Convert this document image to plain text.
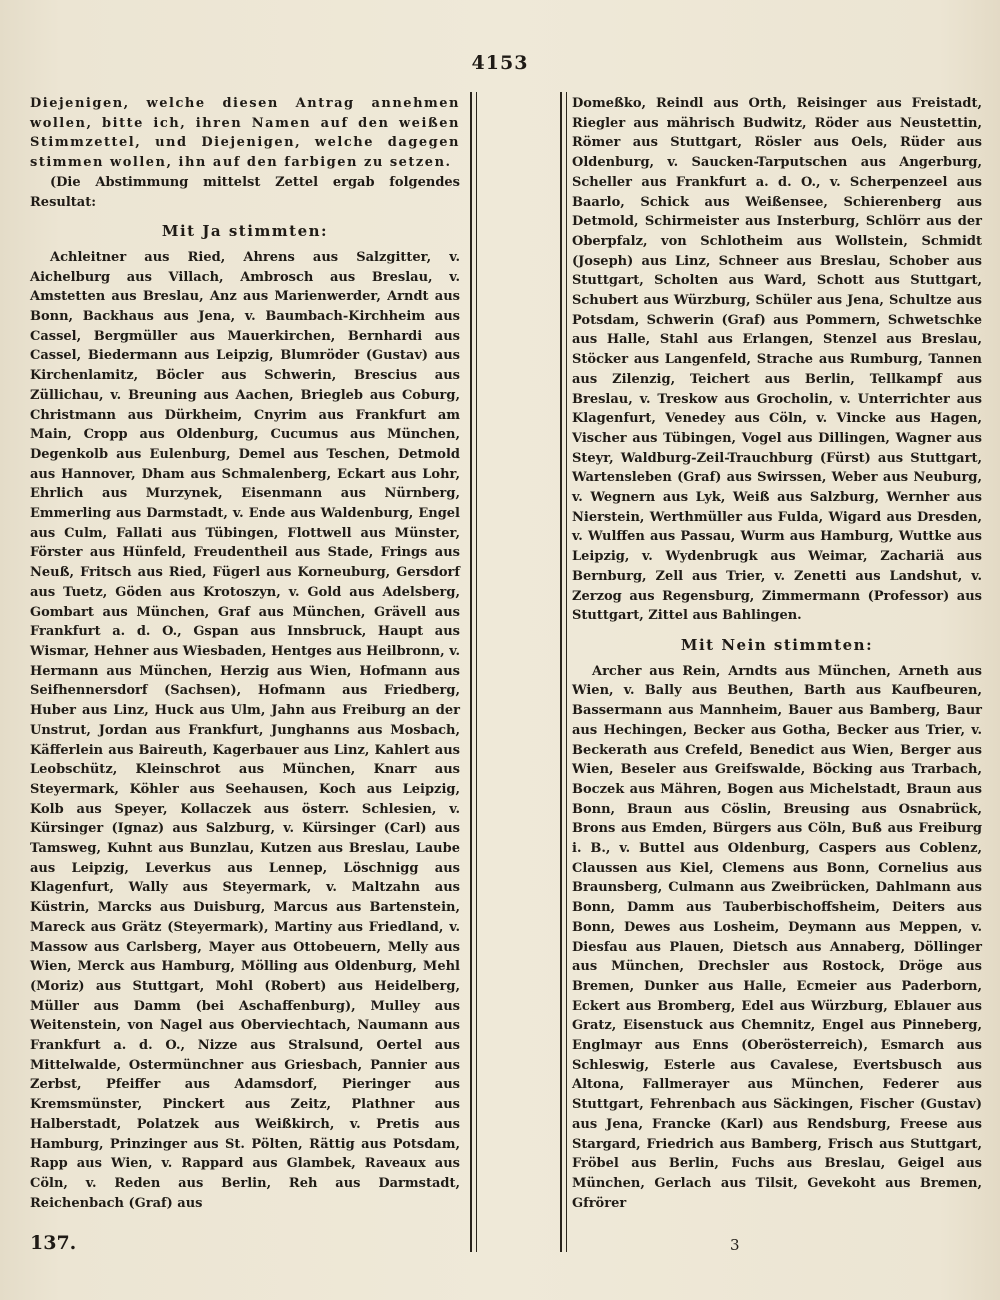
4153

Diejenigen, welche diesen Antrag annehmen wollen, bitte ich, ihren Namen auf den weißen Stimmzettel, und Diejenigen, welche dagegen stimmen wollen, ihn auf den farbigen zu setzen.

(Die Abstimmung mittelst Zettel ergab folgendes Resultat:

Mit Ja stimmten:

Achleitner aus Ried, Ahrens aus Salzgitter, v. Aichelburg aus Villach, Ambrosch aus Breslau, v. Amstetten aus Breslau, Anz aus Marienwerder, Arndt aus Bonn, Backhaus aus Jena, v. Baumbach-Kirchheim aus Cassel, Bergmüller aus Mauerkirchen, Bernhardi aus Cassel, Biedermann aus Leipzig, Blumröder (Gustav) aus Kirchenlamitz, Böcler aus Schwerin, Brescius aus Züllichau, v. Breuning aus Aachen, Briegleb aus Coburg, Christmann aus Dürkheim, Cnyrim aus Frankfurt am Main, Cropp aus Oldenburg, Cucumus aus München, Degenkolb aus Eulenburg, Demel aus Teschen, Detmold aus Hannover, Dham aus Schmalenberg, Eckart aus Lohr, Ehrlich aus Murzynek, Eisenmann aus Nürnberg, Emmerling aus Darmstadt, v. Ende aus Waldenburg, Engel aus Culm, Fallati aus Tübingen, Flottwell aus Münster, Förster aus Hünfeld, Freudentheil aus Stade, Frings aus Neuß, Fritsch aus Ried, Fügerl aus Korneuburg, Gersdorf aus Tuetz, Göden aus Krotoszyn, v. Gold aus Adelsberg, Gombart aus München, Graf aus München, Grävell aus Frankfurt a. d. O., Gspan aus Innsbruck, Haupt aus Wismar, Hehner aus Wiesbaden, Hentges aus Heilbronn, v. Hermann aus München, Herzig aus Wien, Hofmann aus Seifhennersdorf (Sachsen), Hofmann aus Friedberg, Huber aus Linz, Huck aus Ulm, Jahn aus Freiburg an der Unstrut, Jordan aus Frankfurt, Junghanns aus Mosbach, Käfferlein aus Baireuth, Kagerbauer aus Linz, Kahlert aus Leobschütz, Kleinschrot aus München, Knarr aus Steyermark, Köhler aus Seehausen, Koch aus Leipzig, Kolb aus Speyer, Kollaczek aus österr. Schlesien, v. Kürsinger (Ignaz) aus Salzburg, v. Kürsinger (Carl) aus Tamsweg, Kuhnt aus Bunzlau, Kutzen aus Breslau, Laube aus Leipzig, Leverkus aus Lennep, Löschnigg aus Klagenfurt, Wally aus Steyermark, v. Maltzahn aus Küstrin, Marcks aus Duisburg, Marcus aus Bartenstein, Mareck aus Grätz (Steyermark), Martiny aus Friedland, v. Massow aus Carlsberg, Mayer aus Ottobeuern, Melly aus Wien, Merck aus Hamburg, Mölling aus Oldenburg, Mehl (Moriz) aus Stuttgart, Mohl (Robert) aus Heidelberg, Müller aus Damm (bei Aschaffenburg), Mulley aus Weitenstein, von Nagel aus Oberviechtach, Naumann aus Frankfurt a. d. O., Nizze aus Stralsund, Oertel aus Mittelwalde, Ostermünchner aus Griesbach, Pannier aus Zerbst, Pfeiffer aus Adamsdorf, Pieringer aus Kremsmünster, Pinckert aus Zeitz, Plathner aus Halberstadt, Polatzek aus Weißkirch, v. Pretis aus Hamburg, Prinzinger aus St. Pölten, Rättig aus Potsdam, Rapp aus Wien, v. Rappard aus Glambek, Raveaux aus Cöln, v. Reden aus Berlin, Reh aus Darmstadt, Reichenbach (Graf) aus

Domeßko, Reindl aus Orth, Reisinger aus Freistadt, Riegler aus mährisch Budwitz, Röder aus Neustettin, Römer aus Stuttgart, Rösler aus Oels, Rüder aus Oldenburg, v. Saucken-Tarputschen aus Angerburg, Scheller aus Frankfurt a. d. O., v. Scherpenzeel aus Baarlo, Schick aus Weißensee, Schierenberg aus Detmold, Schirmeister aus Insterburg, Schlörr aus der Oberpfalz, von Schlotheim aus Wollstein, Schmidt (Joseph) aus Linz, Schneer aus Breslau, Schober aus Stuttgart, Scholten aus Ward, Schott aus Stuttgart, Schubert aus Würzburg, Schüler aus Jena, Schultze aus Potsdam, Schwerin (Graf) aus Pommern, Schwetschke aus Halle, Stahl aus Erlangen, Stenzel aus Breslau, Stöcker aus Langenfeld, Strache aus Rumburg, Tannen aus Zilenzig, Teichert aus Berlin, Tellkampf aus Breslau, v. Treskow aus Grocholin, v. Unterrichter aus Klagenfurt, Venedey aus Cöln, v. Vincke aus Hagen, Vischer aus Tübingen, Vogel aus Dillingen, Wagner aus Steyr, Waldburg-Zeil-Trauchburg (Fürst) aus Stuttgart, Wartensleben (Graf) aus Swirssen, Weber aus Neuburg, v. Wegnern aus Lyk, Weiß aus Salzburg, Wernher aus Nierstein, Werthmüller aus Fulda, Wigard aus Dresden, v. Wulffen aus Passau, Wurm aus Hamburg, Wuttke aus Leipzig, v. Wydenbrugk aus Weimar, Zachariä aus Bernburg, Zell aus Trier, v. Zenetti aus Landshut, v. Zerzog aus Regensburg, Zimmermann (Professor) aus Stuttgart, Zittel aus Bahlingen.

Mit Nein stimmten:

Archer aus Rein, Arndts aus München, Arneth aus Wien, v. Bally aus Beuthen, Barth aus Kaufbeuren, Bassermann aus Mannheim, Bauer aus Bamberg, Baur aus Hechingen, Becker aus Gotha, Becker aus Trier, v. Beckerath aus Crefeld, Benedict aus Wien, Berger aus Wien, Beseler aus Greifswalde, Böcking aus Trarbach, Boczek aus Mähren, Bogen aus Michelstadt, Braun aus Bonn, Braun aus Cöslin, Breusing aus Osnabrück, Brons aus Emden, Bürgers aus Cöln, Buß aus Freiburg i. B., v. Buttel aus Oldenburg, Caspers aus Coblenz, Claussen aus Kiel, Clemens aus Bonn, Cornelius aus Braunsberg, Culmann aus Zweibrücken, Dahlmann aus Bonn, Damm aus Tauberbischoffsheim, Deiters aus Bonn, Dewes aus Losheim, Deymann aus Meppen, v. Diesfau aus Plauen, Dietsch aus Annaberg, Döllinger aus München, Drechsler aus Rostock, Dröge aus Bremen, Dunker aus Halle, Ecmeier aus Paderborn, Eckert aus Bromberg, Edel aus Würzburg, Eblauer aus Gratz, Eisenstuck aus Chemnitz, Engel aus Pinneberg, Englmayr aus Enns (Oberösterreich), Esmarch aus Schleswig, Esterle aus Cavalese, Evertsbusch aus Altona, Fallmerayer aus München, Federer aus Stuttgart, Fehrenbach aus Säckingen, Fischer (Gustav) aus Jena, Francke (Karl) aus Rendsburg, Freese aus Stargard, Friedrich aus Bamberg, Frisch aus Stuttgart, Fröbel aus Berlin, Fuchs aus Breslau, Geigel aus München, Gerlach aus Tilsit, Gevekoht aus Bremen, Gfrörer

137.	3
